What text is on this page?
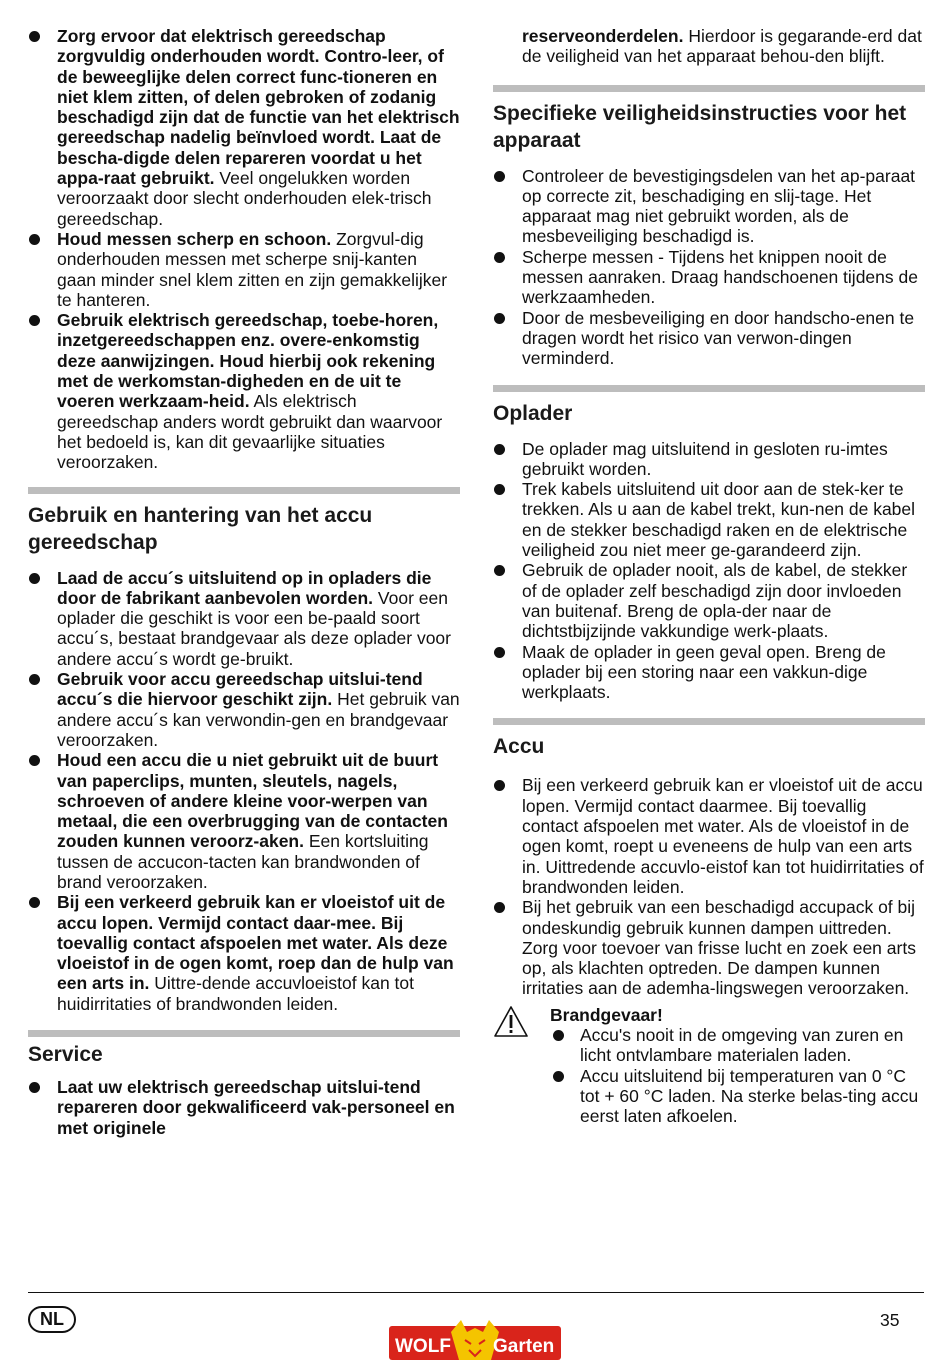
Zorg ervoor dat elektrisch gereedschap zorgvuldig onderhouden wordt. Contro-leer, of de beweeglijke delen correct func-tioneren en niet klem zitten, of delen gebroken of zodanig beschadigd zijn dat de functie van het elektrisch gereedschap nadelig beïnvloed wordt. Laat de bescha-digde delen repareren voordat u het appa-raat gebruikt. Veel ongelukken worden veroorzaakt door slecht onderhouden elek-trisch gereedschap.
Houd messen scherp en schoon. Zorgvul-dig onderhouden messen met scherpe snij-kanten gaan minder snel klem zitten en zijn gemakkelijker te hanteren.
Gebruik elektrisch gereedschap, toebe-horen, inzetgereedschappen enz. overe-enkomstig deze aanwijzingen. Houd hierbij ook rekening met de werkomstan-digheden en de uit te voeren werkzaam-heid. Als elektrisch gereedschap anders wordt gebruikt dan waarvoor het bedoeld is, kan dit gevaarlijke situaties veroorzaken.
Gebruik en hantering van het accu gereedschap
Laad de accu´s uitsluitend op in opladers die door de fabrikant aanbevolen worden. Voor een oplader die geschikt is voor een be-paald soort accu´s, bestaat brandgevaar als deze oplader voor andere accu´s wordt ge-bruikt.
Gebruik voor accu gereedschap uitslui-tend accu´s die hiervoor geschikt zijn. Het gebruik van andere accu´s kan verwondin-gen en brandgevaar veroorzaken.
Houd een accu die u niet gebruikt uit de buurt van paperclips, munten, sleutels, nagels, schroeven of andere kleine voor-werpen van metaal, die een overbrugging van de contacten zouden kunnen veroorz-aken. Een kortsluiting tussen de accucon-tacten kan brandwonden of brand veroorzaken.
Bij een verkeerd gebruik kan er vloeistof uit de accu lopen. Vermijd contact daar-mee. Bij toevallig contact afspoelen met water. Als deze vloeistof in de ogen komt, roep dan de hulp van een arts in. Uittre-dende accuvloeistof kan tot huidirritaties of brandwonden leiden.
Service
Laat uw elektrisch gereedschap uitslui-tend repareren door gekwalificeerd vak-personeel en met originele

reserveonderdelen. Hierdoor is gegarande-erd dat de veiligheid van het apparaat behou-den blijft.

Specifieke veiligheidsinstructies voor het apparaat
Controleer de bevestigingsdelen van het ap-paraat op correcte zit, beschadiging en slij-tage. Het apparaat mag niet gebruikt worden, als de mesbeveiliging beschadigd is.
Scherpe messen - Tijdens het knippen nooit de messen aanraken. Draag handschoenen tijdens de werkzaamheden.
Door de mesbeveiliging en door handscho-enen te dragen wordt het risico van verwon-dingen verminderd.
Oplader
De oplader mag uitsluitend in gesloten ru-imtes gebruikt worden.
Trek kabels uitsluitend uit door aan de stek-ker te trekken. Als u aan de kabel trekt, kun-nen de kabel en de stekker beschadigd raken en de elektrische veiligheid zou niet meer ge-garandeerd zijn.
Gebruik de oplader nooit, als de kabel, de stekker of de oplader zelf beschadigd zijn door invloeden van buitenaf. Breng de opla-der naar de dichtstbijzijnde vakkundige werk-plaats.
Maak de oplader in geen geval open. Breng de oplader bij een storing naar een vakkun-dige werkplaats.
Accu
Bij een verkeerd gebruik kan er vloeistof uit de accu lopen. Vermijd contact daarmee. Bij toevallig contact afspoelen met water. Als de vloeistof in de ogen komt, roept u eveneens de hulp van een arts in. Uittredende accuvlo-eistof kan tot huidirritaties of brandwonden leiden.
Bij het gebruik van een beschadigd accupack of bij ondeskundig gebruik kunnen dampen uittreden. Zorg voor toevoer van frisse lucht en zoek een arts op, als klachten optreden. De dampen kunnen irritaties aan de ademha-lingswegen veroorzaken.
Brandgevaar!
Accu's nooit in de omgeving van zuren en licht ontvlambare materialen laden.
Accu uitsluitend bij temperaturen van 0 °C tot + 60 °C laden. Na sterke belas-ting accu eerst laten afkoelen.
NL	35
WOLF Garten
